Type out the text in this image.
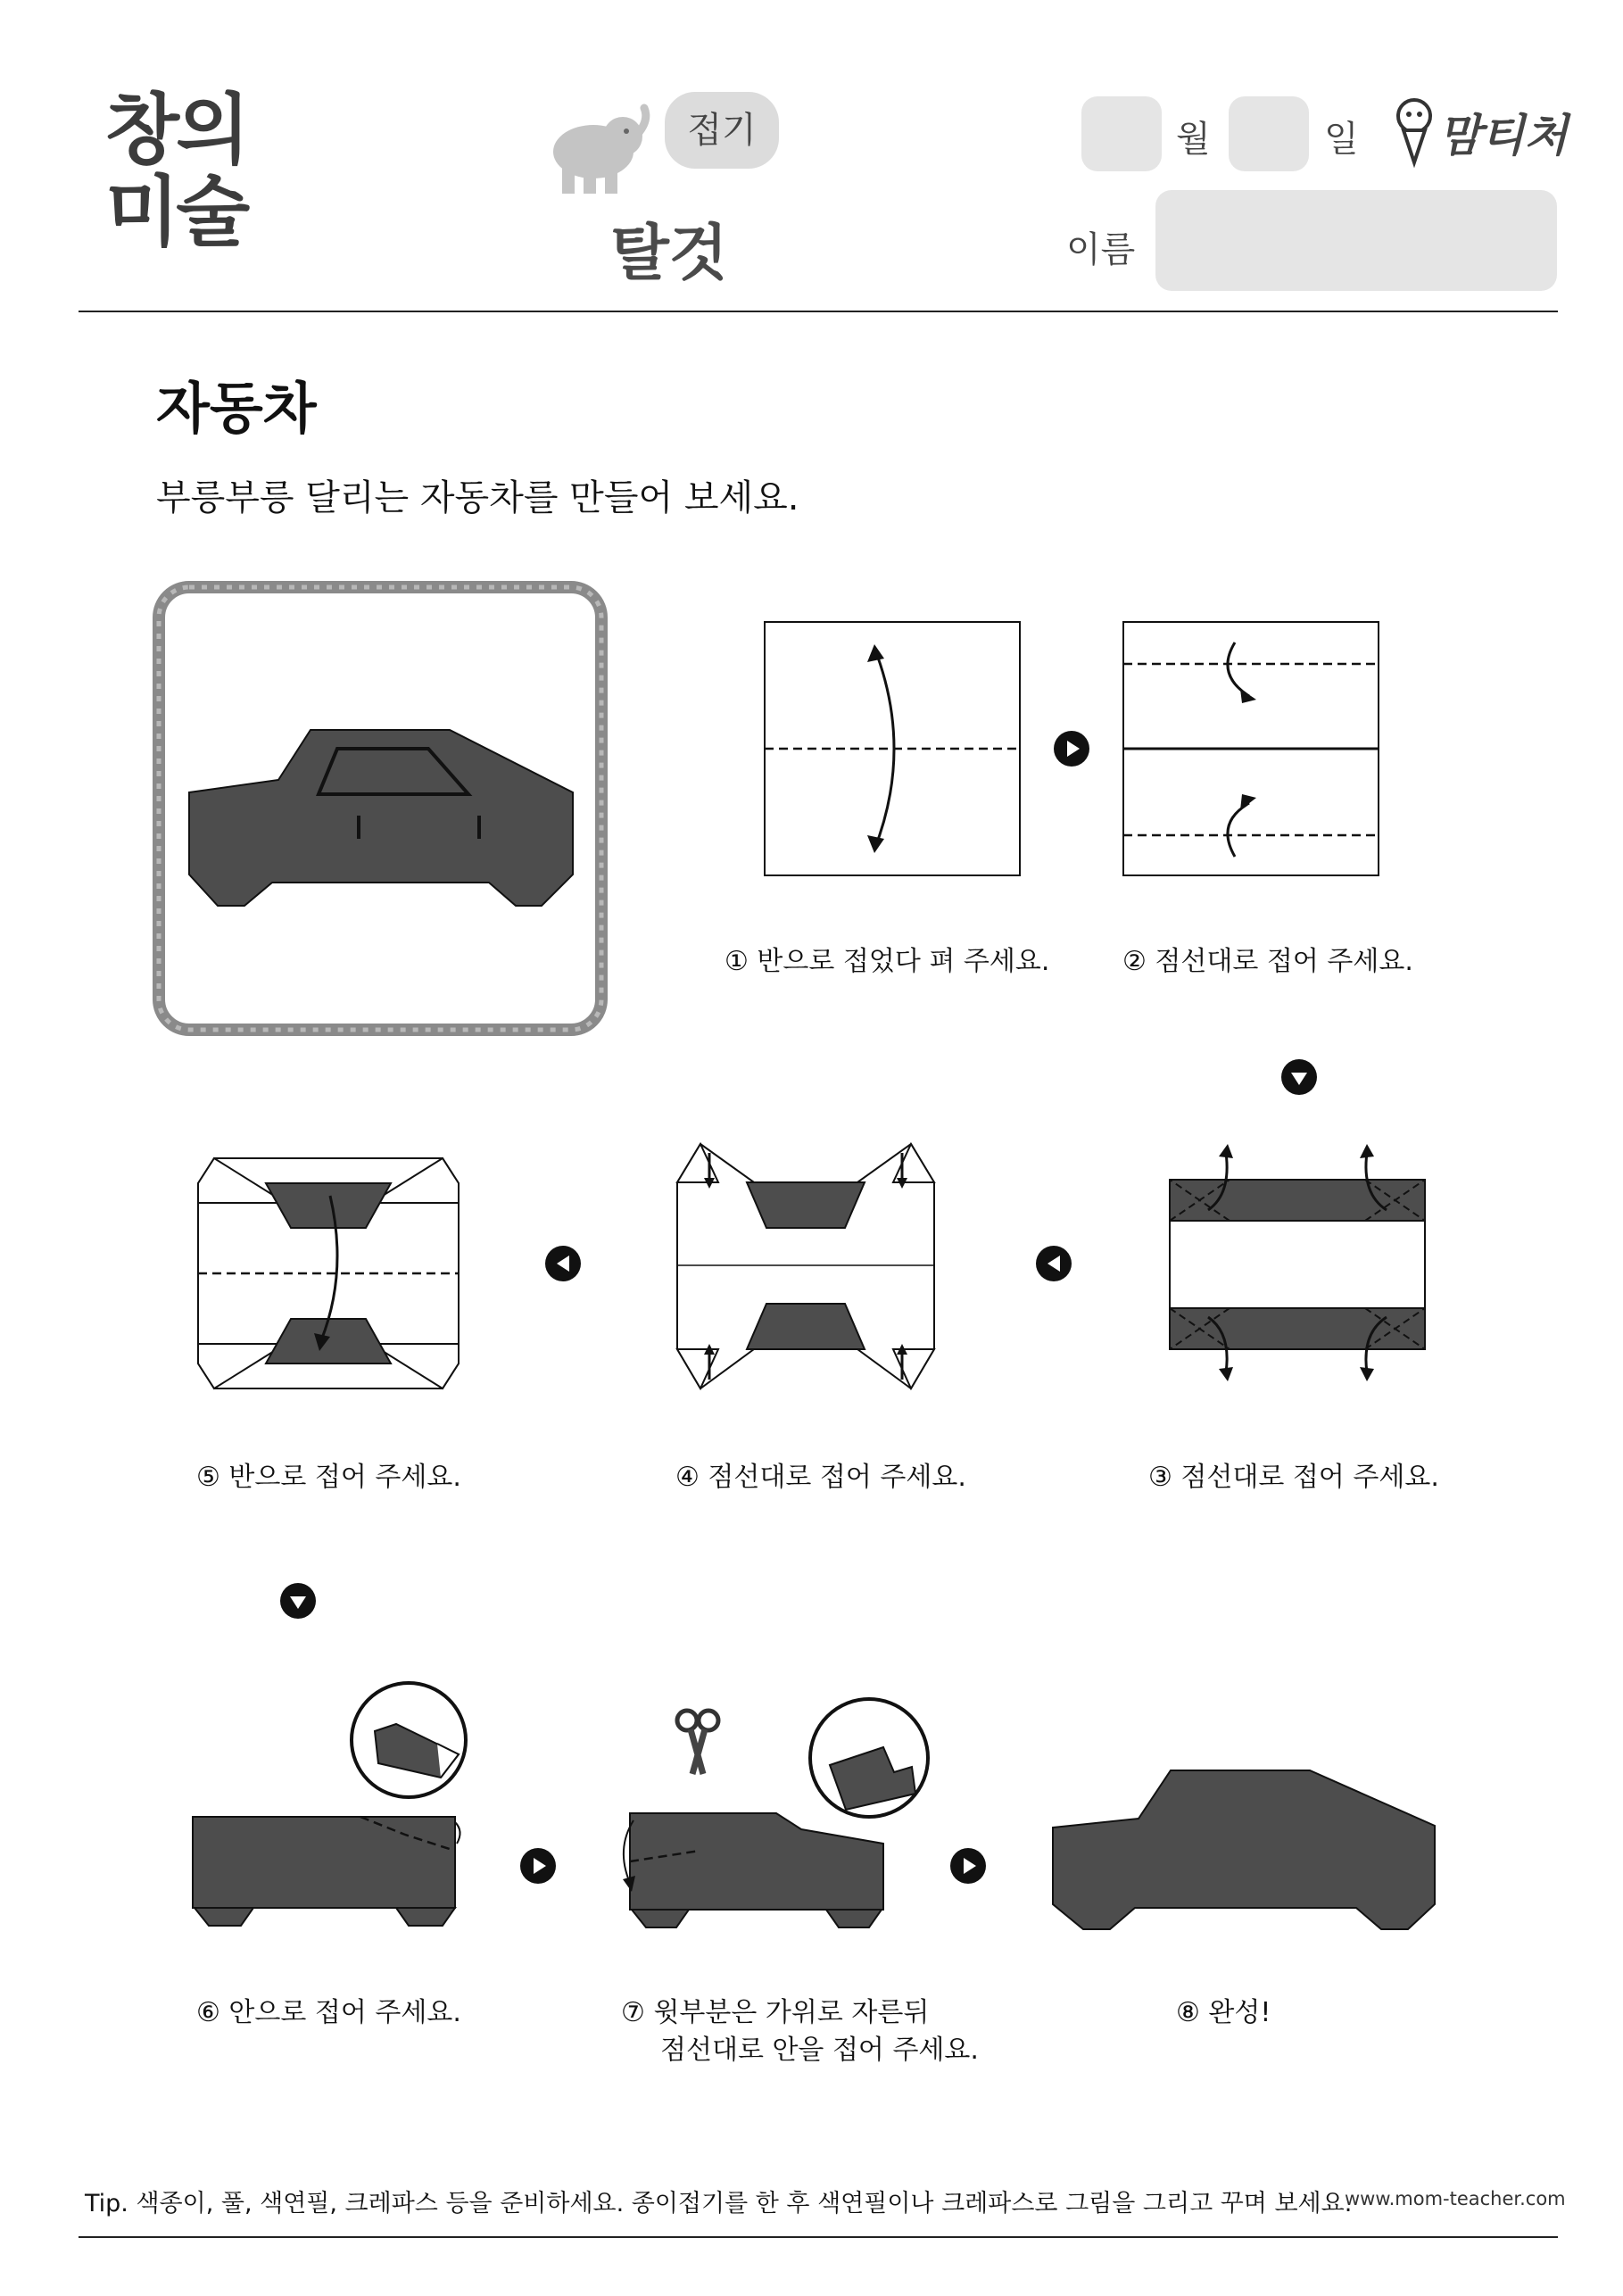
창의
미술
접기
탈것
월	일 맘티처
이름
자동차
부릉부릉 달리는 자동차를 만들어 보세요.
① 반으로 접었다 펴 주세요.	② 점선대로 접어 주세요.
③ 점선대로 접어 주세요.
④ 점선대로 접어 주세요.
⑤ 반으로 접어 주세요.
⑥ 안으로 접어 주세요.	⑦ 윗부분은 가위로 자른뒤
점선대로 안을 접어 주세요.
⑧ 완성!
Tip. 색종이, 풀, 색연필, 크레파스 등을 준비하세요. 종이접기를 한 후 색연필이나 크레파스로 그림을 그리고 꾸며 보세요.
www.mom-teacher.com
